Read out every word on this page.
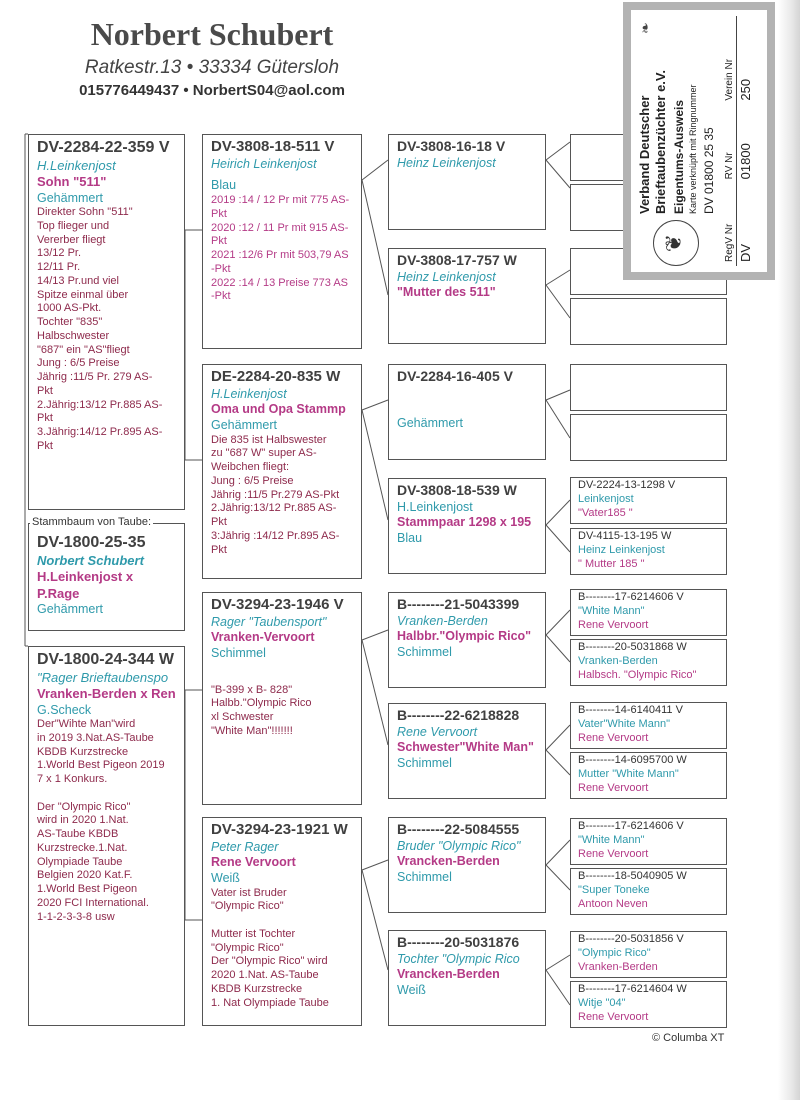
Norbert Schubert
Ratkestr.13 • 33334 Gütersloh
015776449437 • NorbertS04@aol.com
DV-2284-22-359 V
H.Leinkenjost
Sohn "511"
Gehämmert
Direkter Sohn "511"
Top flieger und
Vererber fliegt
13/12 Pr.
12/11 Pr.
14/13 Pr.und viel
Spitze einmal über
1000 AS-Pkt.
Tochter "835"
Halbschwester
"687" ein "AS"fliegt
Jung : 6/5 Preise
Jährig :11/5 Pr. 279 AS-
Pkt
2.Jährig:13/12 Pr.885 AS-
Pkt
3.Jährig:14/12 Pr.895 AS-
Pkt
DV-1800-25-35
Norbert Schubert
H.Leinkenjost x P.Rage
Gehämmert
Stammbaum von Taube:
DV-1800-24-344 W
"Rager Brieftaubenspo
Vranken-Berden x Ren
G.Scheck
Der"Wihte Man"wird
in 2019 3.Nat.AS-Taube
KBDB Kurzstrecke
1.World Best Pigeon 2019
7 x 1 Konkurs.

Der "Olympic Rico"
wird in 2020 1.Nat.
AS-Taube KBDB
Kurzstrecke.1.Nat.
Olympiade Taube
Belgien 2020 Kat.F.
1.World Best Pigeon
2020 FCI International.
1-1-2-3-3-8 usw
DV-3808-18-511 V
Heirich Leinkenjost
Blau
2019 :14 / 12 Pr mit 775 AS-
Pkt
2020 :12 / 11 Pr mit 915 AS-
Pkt
2021 :12/6 Pr mit 503,79 AS
-Pkt
2022 :14 / 13 Preise 773 AS
-Pkt
DE-2284-20-835 W
H.Leinkenjost
Oma und Opa Stammp
Gehämmert
Die 835 ist Halbswester
zu "687 W" super AS-
Weibchen fliegt:
Jung : 6/5 Preise
Jährig :11/5 Pr.279 AS-Pkt
2.Jährig:13/12 Pr.885 AS-
Pkt
3:Jährig :14/12 Pr.895 AS-
Pkt
DV-3294-23-1946 V
Rager "Taubensport"
Vranken-Vervoort
Schimmel
"B-399 x B- 828"
Halbb."Olympic Rico
xl Schwester
"White Man"!!!!!!!
DV-3294-23-1921 W
Peter Rager
Rene Vervoort
Weiß
Vater ist Bruder
"Olympic Rico"

Mutter ist Tochter
"Olympic Rico"
Der "Olympic Rico" wird
2020 1.Nat. AS-Taube
KBDB Kurzstrecke
1. Nat Olympiade Taube
DV-3808-16-18 V
Heinz Leinkenjost
DV-3808-17-757 W
Heinz Leinkenjost
"Mutter des 511"
DV-2284-16-405 V
Gehämmert
DV-3808-18-539 W
H.Leinkenjost
Stammpaar 1298 x 195
Blau
B--------21-5043399
Vranken-Berden
Halbbr."Olympic Rico"
Schimmel
B--------22-6218828
Rene Vervoort
Schwester"White Man"
Schimmel
B--------22-5084555
Bruder "Olympic Rico"
Vrancken-Berden
Schimmel
B--------20-5031876
Tochter "Olympic Rico
Vrancken-Berden
Weiß
DV-2224-13-1298 V
Leinkenjost
"Vater185 "
DV-4115-13-195 W
Heinz Leinkenjost
" Mutter 185 "
B--------17-6214606 V
"White Mann"
Rene Vervoort
B--------20-5031868 W
Vranken-Berden
Halbsch. "Olympic Rico"
B--------14-6140411 V
Vater"White Mann"
Rene Vervoort
B--------14-6095700 W
Mutter "White Mann"
Rene Vervoort
B--------17-6214606 V
"White Mann"
Rene Vervoort
B--------18-5040905 W
"Super Toneke
Antoon Neven
B--------20-5031856 V
"Olympic Rico"
Vranken-Berden
B--------17-6214604 W
Witje "04"
Rene Vervoort
❦
Verband Deutscher Brieftaubenzüchter e.V. Eigentums-Ausweis Karte verknüpft mit Ringnummer DV 01800 25 35
❧
RegV Nr	RV Nr	Verein Nr
DV	01800	250
© Columba XT
